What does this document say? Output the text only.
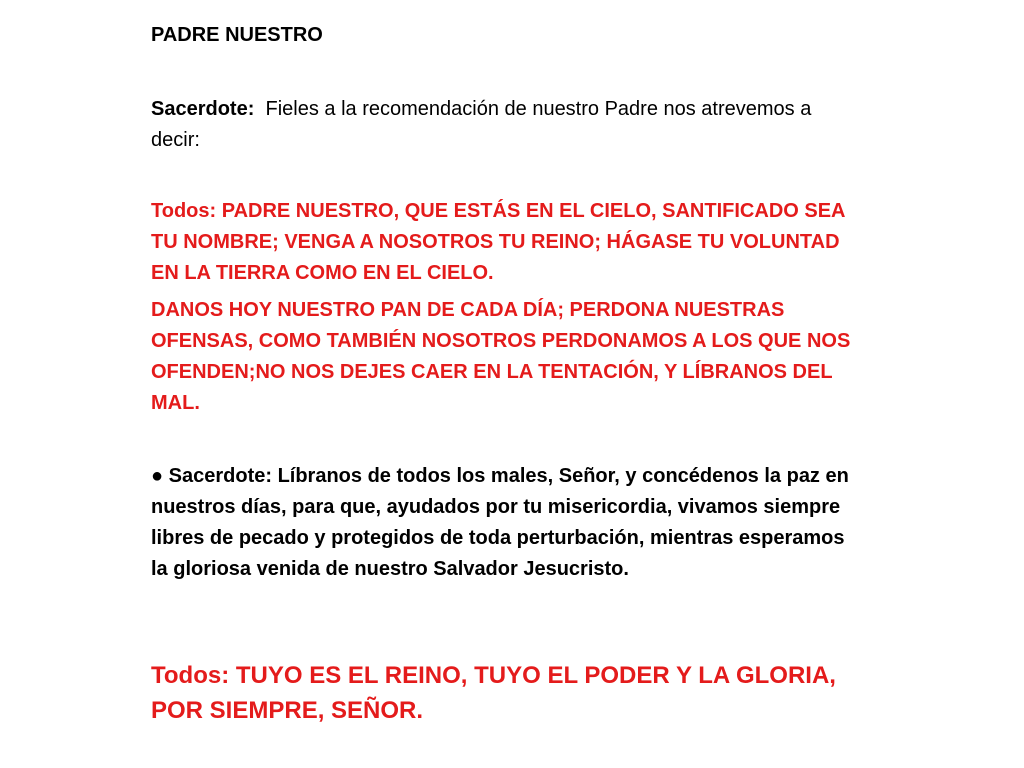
PADRE NUESTRO
Sacerdote: Fieles a la recomendación de nuestro Padre nos atrevemos a decir:
Todos: PADRE NUESTRO, QUE ESTÁS EN EL CIELO, SANTIFICADO SEA TU NOMBRE; VENGA A NOSOTROS TU REINO; HÁGASE TU VOLUNTAD EN LA TIERRA COMO EN EL CIELO.
DANOS HOY NUESTRO PAN DE CADA DÍA; PERDONA NUESTRAS OFENSAS, COMO TAMBIÉN NOSOTROS PERDONAMOS A LOS QUE NOS OFENDEN;NO NOS DEJES CAER EN LA TENTACIÓN, Y LÍBRANOS DEL MAL.
● Sacerdote: Líbranos de todos los males, Señor, y concédenos la paz en nuestros días, para que, ayudados por tu misericordia, vivamos siempre libres de pecado y protegidos de toda perturbación, mientras esperamos la gloriosa venida de nuestro Salvador Jesucristo.
Todos: TUYO ES EL REINO, TUYO EL PODER Y LA GLORIA, POR SIEMPRE, SEÑOR.
